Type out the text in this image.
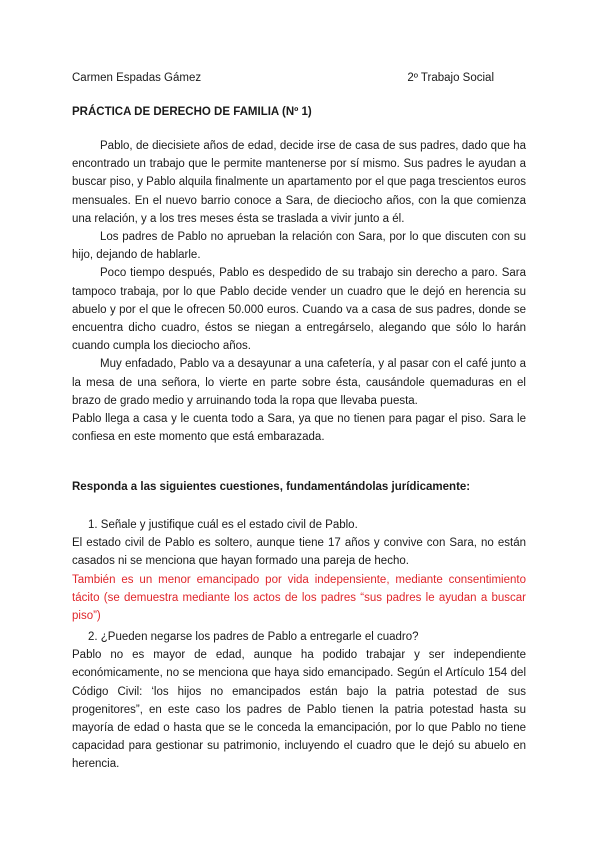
Carmen Espadas Gámez	2º Trabajo Social
PRÁCTICA DE DERECHO DE FAMILIA (Nº 1)

Pablo, de diecisiete años de edad, decide irse de casa de sus padres, dado que ha encontrado un trabajo que le permite mantenerse por sí mismo. Sus padres le ayudan a buscar piso, y Pablo alquila finalmente un apartamento por el que paga trescientos euros mensuales. En el nuevo barrio conoce a Sara, de dieciocho años, con la que comienza una relación, y a los tres meses ésta se traslada a vivir junto a él.

Los padres de Pablo no aprueban la relación con Sara, por lo que discuten con su hijo, dejando de hablarle.

Poco tiempo después, Pablo es despedido de su trabajo sin derecho a paro. Sara tampoco trabaja, por lo que Pablo decide vender un cuadro que le dejó en herencia su abuelo y por el que le ofrecen 50.000 euros. Cuando va a casa de sus padres, donde se encuentra dicho cuadro, éstos se niegan a entregárselo, alegando que sólo lo harán cuando cumpla los dieciocho años.

Muy enfadado, Pablo va a desayunar a una cafetería, y al pasar con el café junto a la mesa de una señora, lo vierte en parte sobre ésta, causándole quemaduras en el brazo de grado medio y arruinando toda la ropa que llevaba puesta.

Pablo llega a casa y le cuenta todo a Sara, ya que no tienen para pagar el piso. Sara le confiesa en este momento que está embarazada.

Responda a las siguientes cuestiones, fundamentándolas jurídicamente:

1. Señale y justifique cuál es el estado civil de Pablo.

El estado civil de Pablo es soltero, aunque tiene 17 años y convive con Sara, no están casados ni se menciona que hayan formado una pareja de hecho.

También es un menor emancipado por vida indepensiente, mediante consentimiento tácito (se demuestra mediante los actos de los padres “sus padres le ayudan a buscar piso”)

2. ¿Pueden negarse los padres de Pablo a entregarle el cuadro?

Pablo no es mayor de edad, aunque ha podido trabajar y ser independiente económicamente, no se menciona que haya sido emancipado. Según el Artículo 154 del Código Civil: ‘los hijos no emancipados están bajo la patria potestad de sus progenitores”, en este caso los padres de Pablo tienen la patria potestad hasta su mayoría de edad o hasta que se le conceda la emancipación, por lo que Pablo no tiene capacidad para gestionar su patrimonio, incluyendo el cuadro que le dejó su abuelo en herencia.
